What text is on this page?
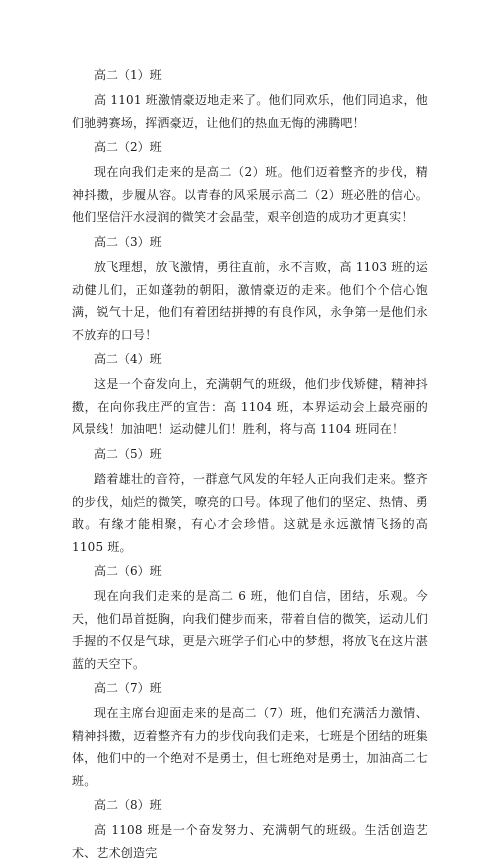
高二（1）班
高 1101 班激情豪迈地走来了。他们同欢乐，他们同追求，他们驰骋赛场，挥洒豪迈，让他们的热血无悔的沸腾吧！
高二（2）班
现在向我们走来的是高二（2）班。他们迈着整齐的步伐，精神抖擞，步履从容。以青春的风采展示高二（2）班必胜的信心。他们坚信汗水浸润的微笑才会晶莹，艰辛创造的成功才更真实！
高二（3）班
放飞理想，放飞激情，勇往直前，永不言败，高 1103 班的运动健儿们，正如蓬勃的朝阳，激情豪迈的走来。他们个个信心饱满，锐气十足，他们有着团结拼搏的有良作风，永争第一是他们永不放弃的口号！
高二（4）班
这是一个奋发向上，充满朝气的班级，他们步伐矫健，精神抖擞，在向你我庄严的宣告：高 1104 班，本界运动会上最亮丽的风景线！加油吧！运动健儿们！胜利，将与高 1104 班同在！
高二（5）班
踏着雄壮的音符，一群意气风发的年轻人正向我们走来。整齐的步伐，灿烂的微笑，嘹亮的口号。体现了他们的坚定、热情、勇敢。有缘才能相聚，有心才会珍惜。这就是永远激情飞扬的高 1105 班。
高二（6）班
现在向我们走来的是高二 6 班，他们自信，团结，乐观。今天，他们昂首挺胸，向我们健步而来，带着自信的微笑，运动儿们手握的不仅是气球，更是六班学子们心中的梦想，将放飞在这片湛蓝的天空下。
高二（7）班
现在主席台迎面走来的是高二（7）班，他们充满活力激情、精神抖擞，迈着整齐有力的步伐向我们走来，七班是个团结的班集体，他们中的一个绝对不是勇士，但七班绝对是勇士，加油高二七班。
高二（8）班
高 1108 班是一个奋发努力、充满朝气的班级。生活创造艺术、艺术创造完
